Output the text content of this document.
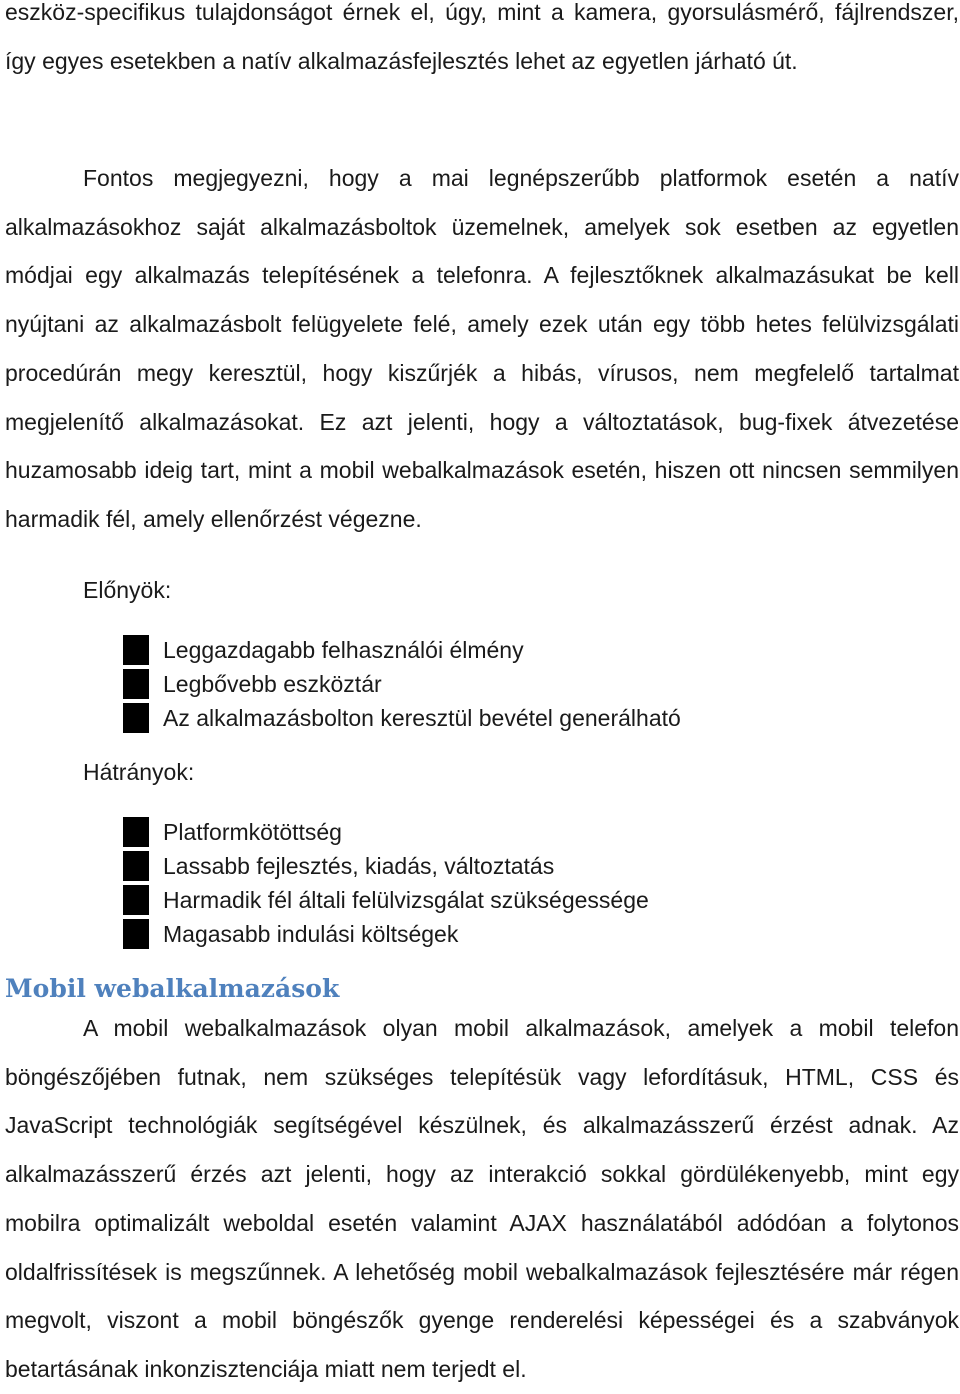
eszköz-specifikus tulajdonságot érnek el, úgy, mint a kamera, gyorsulásmérő, fájlrendszer, így egyes esetekben a natív alkalmazásfejlesztés lehet az egyetlen járható út.

Fontos megjegyezni, hogy a mai legnépszerűbb platformok esetén a natív alkalmazásokhoz saját alkalmazásboltok üzemelnek, amelyek sok esetben az egyetlen módjai egy alkalmazás telepítésének a telefonra. A fejlesztőknek alkalmazásukat be kell nyújtani az alkalmazásbolt felügyelete felé, amely ezek után egy több hetes felülvizsgálati procedúrán megy keresztül, hogy kiszűrjék a hibás, vírusos, nem megfelelő tartalmat megjelenítő alkalmazásokat. Ez azt jelenti, hogy a változtatások, bug-fixek átvezetése huzamosabb ideig tart, mint a mobil webalkalmazások esetén, hiszen ott nincsen semmilyen harmadik fél, amely ellenőrzést végezne.

Előnyök:

Leggazdagabb felhasználói élmény
Legbővebb eszköztár
Az alkalmazásbolton keresztül bevétel generálható

Hátrányok:

Platformkötöttség
Lassabb fejlesztés, kiadás, változtatás
Harmadik fél általi felülvizsgálat szükségessége
Magasabb indulási költségek
Mobil webalkalmazások

A mobil webalkalmazások olyan mobil alkalmazások, amelyek a mobil telefon böngészőjében futnak, nem szükséges telepítésük vagy lefordításuk, HTML, CSS és JavaScript technológiák segítségével készülnek, és alkalmazásszerű érzést adnak. Az alkalmazásszerű érzés azt jelenti, hogy az interakció sokkal gördülékenyebb, mint egy mobilra optimalizált weboldal esetén valamint AJAX használatából adódóan a folytonos oldalfrissítések is megszűnnek. A lehetőség mobil webalkalmazások fejlesztésére már régen megvolt, viszont a mobil böngészők gyenge renderelési képességei és a szabványok betartásának inkonzisztenciája miatt nem terjedt el.
